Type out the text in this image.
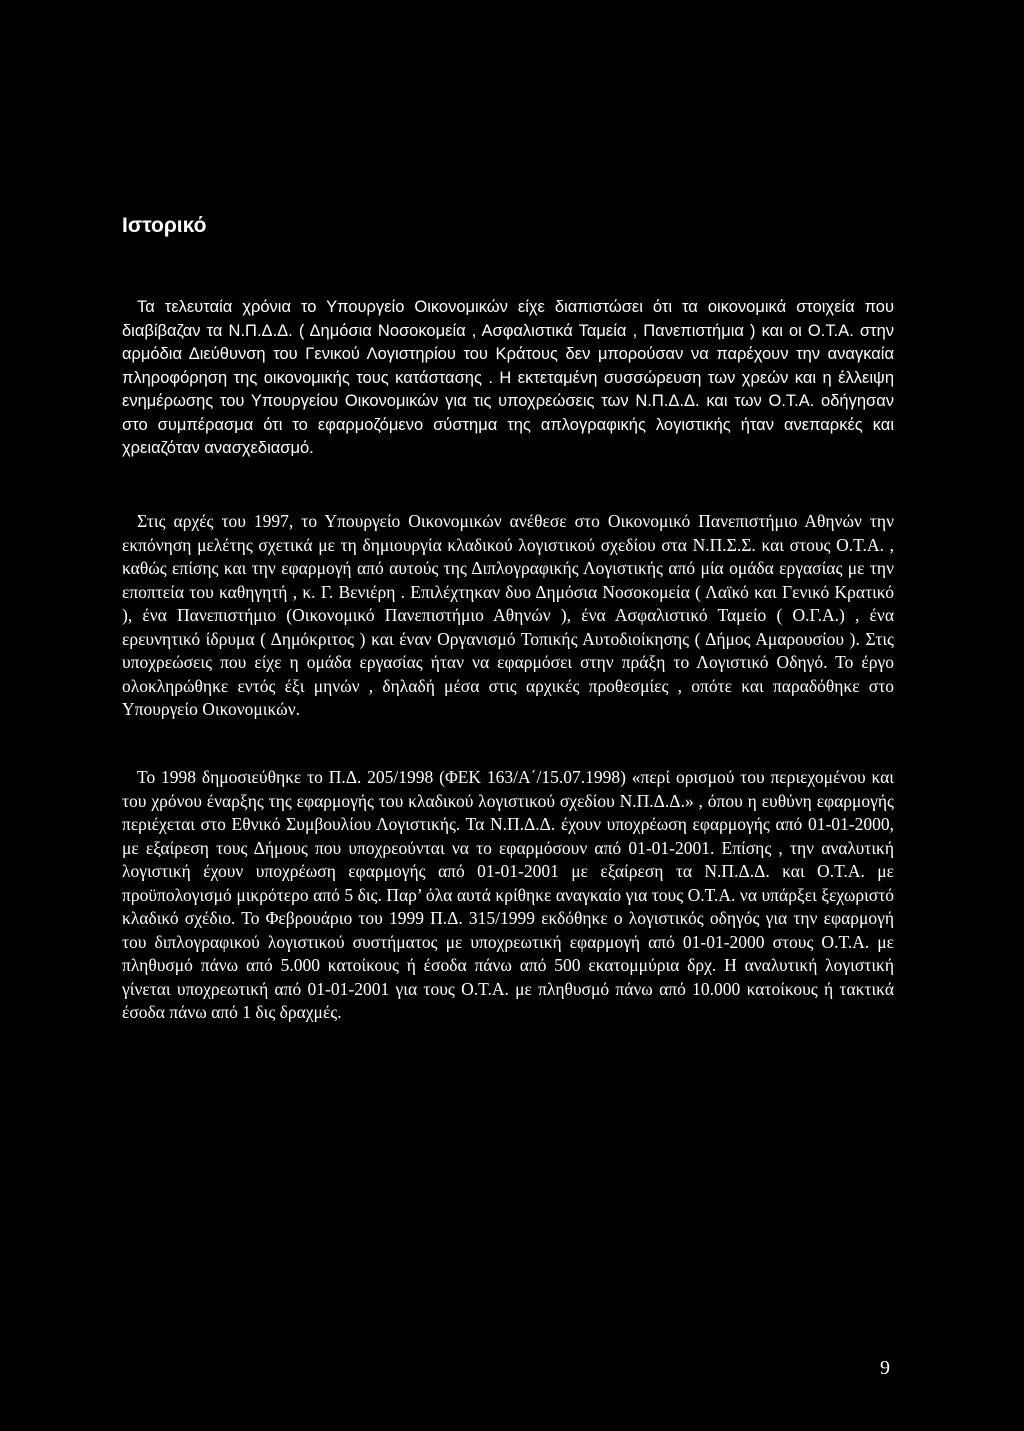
Ιστορικό

Τα τελευταία χρόνια το Υπουργείο Οικονομικών είχε διαπιστώσει ότι τα οικονομικά στοιχεία που διαβίβαζαν τα Ν.Π.Δ.Δ. ( Δημόσια Νοσοκομεία , Ασφαλιστικά Ταμεία , Πανεπιστήμια ) και οι Ο.Τ.Α. στην αρμόδια Διεύθυνση του Γενικού Λογιστηρίου του Κράτους δεν μπορούσαν να παρέχουν την αναγκαία πληροφόρηση της οικονομικής τους κατάστασης . Η εκτεταμένη συσσώρευση των χρεών και η έλλειψη ενημέρωσης του Υπουργείου Οικονομικών για τις υποχρεώσεις των Ν.Π.Δ.Δ. και των Ο.Τ.Α. οδήγησαν στο συμπέρασμα ότι το εφαρμοζόμενο σύστημα της απλογραφικής λογιστικής ήταν ανεπαρκές και χρειαζόταν ανασχεδιασμό.

Στις αρχές του 1997, το Υπουργείο Οικονομικών ανέθεσε στο Οικονομικό Πανεπιστήμιο Αθηνών την εκπόνηση μελέτης σχετικά με τη δημιουργία κλαδικού λογιστικού σχεδίου στα Ν.Π.Σ.Σ. και στους Ο.Τ.Α. , καθώς επίσης και την εφαρμογή από αυτούς της Διπλογραφικής Λογιστικής από μία ομάδα εργασίας με την εποπτεία του καθηγητή , κ. Γ. Βενιέρη . Επιλέχτηκαν δυο Δημόσια Νοσοκομεία ( Λαϊκό και Γενικό Κρατικό ), ένα Πανεπιστήμιο (Οικονομικό Πανεπιστήμιο Αθηνών ), ένα Ασφαλιστικό Ταμείο ( Ο.Γ.Α.) , ένα ερευνητικό ίδρυμα ( Δημόκριτος ) και έναν Οργανισμό Τοπικής Αυτοδιοίκησης ( Δήμος Αμαρουσίου ). Στις υποχρεώσεις που είχε η ομάδα εργασίας ήταν να εφαρμόσει στην πράξη το Λογιστικό Οδηγό. Το έργο ολοκληρώθηκε εντός έξι μηνών , δηλαδή μέσα στις αρχικές προθεσμίες , οπότε και παραδόθηκε στο Υπουργείο Οικονομικών.

Το 1998 δημοσιεύθηκε το Π.Δ. 205/1998 (ΦΕΚ 163/Α΄/15.07.1998) «περί ορισμού του περιεχομένου και του χρόνου έναρξης της εφαρμογής του κλαδικού λογιστικού σχεδίου Ν.Π.Δ.Δ.» , όπου η ευθύνη εφαρμογής περιέχεται στο Εθνικό Συμβουλίου Λογιστικής. Τα Ν.Π.Δ.Δ. έχουν υποχρέωση εφαρμογής από 01-01-2000, με εξαίρεση τους Δήμους που υποχρεούνται να το εφαρμόσουν από 01-01-2001. Επίσης , την αναλυτική λογιστική έχουν υποχρέωση εφαρμογής από 01-01-2001 με εξαίρεση τα Ν.Π.Δ.Δ. και Ο.Τ.Α. με προϋπολογισμό μικρότερο από 5 δις. Παρ’ όλα αυτά κρίθηκε αναγκαίο για τους Ο.Τ.Α. να υπάρξει ξεχωριστό κλαδικό σχέδιο. Το Φεβρουάριο του 1999 Π.Δ. 315/1999 εκδόθηκε ο λογιστικός οδηγός για την εφαρμογή του διπλογραφικού λογιστικού συστήματος με υποχρεωτική εφαρμογή από 01-01-2000 στους Ο.Τ.Α. με πληθυσμό πάνω από 5.000 κατοίκους ή έσοδα πάνω από 500 εκατομμύρια δρχ. Η αναλυτική λογιστική γίνεται υποχρεωτική από 01-01-2001 για τους Ο.Τ.Α. με πληθυσμό πάνω από 10.000 κατοίκους ή τακτικά έσοδα πάνω από 1 δις δραχμές.

9
